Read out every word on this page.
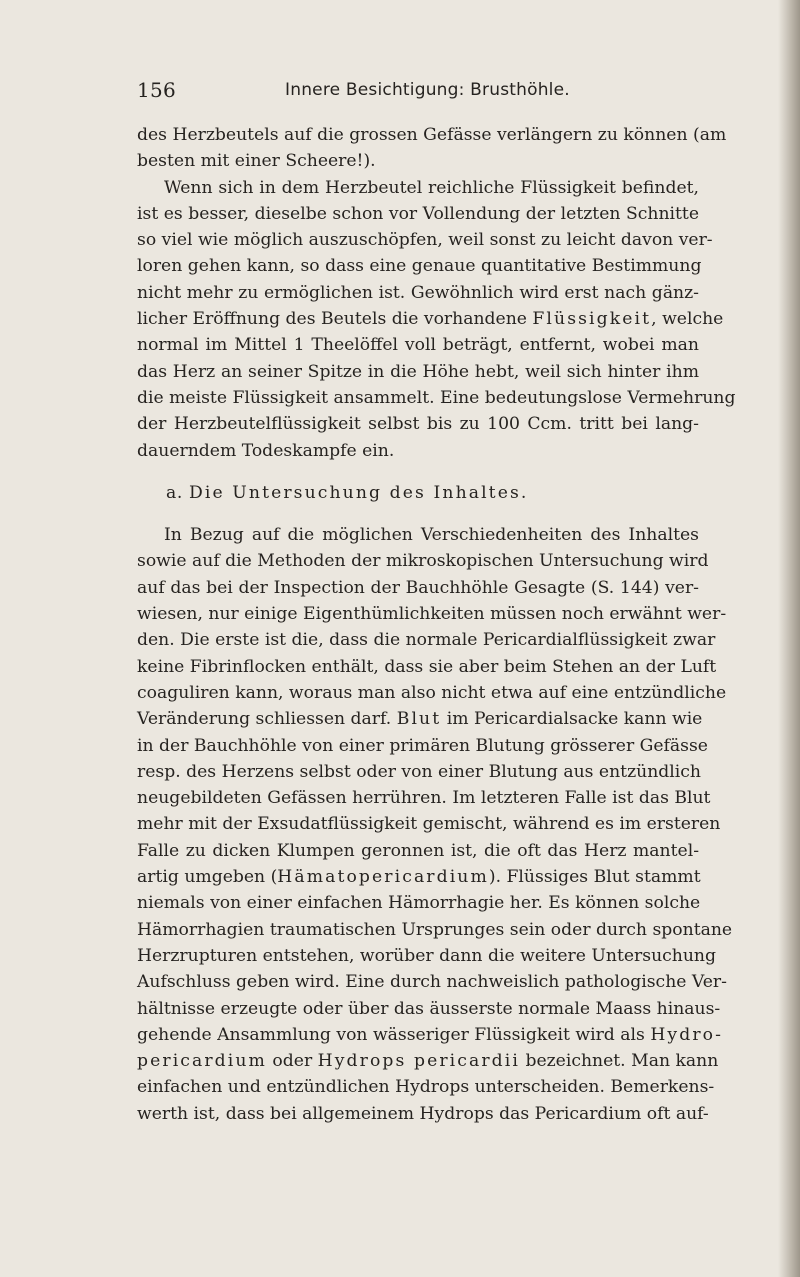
156	Innere Besichtigung: Brusthöhle.
des Herzbeutels auf die grossen Gefässe verlängern zu können (am
besten mit einer Scheere!).
Wenn sich in dem Herzbeutel reichliche Flüssigkeit befindet,
ist es besser, dieselbe schon vor Vollendung der letzten Schnitte
so viel wie möglich auszuschöpfen, weil sonst zu leicht davon ver-
loren gehen kann, so dass eine genaue quantitative Bestimmung
nicht mehr zu ermöglichen ist. Gewöhnlich wird erst nach gänz-
licher Eröffnung des Beutels die vorhandene Flüssigkeit, welche
normal im Mittel 1 Theelöffel voll beträgt, entfernt, wobei man
das Herz an seiner Spitze in die Höhe hebt, weil sich hinter ihm
die meiste Flüssigkeit ansammelt. Eine bedeutungslose Vermehrung
der Herzbeutelflüssigkeit selbst bis zu 100 Ccm. tritt bei lang-
dauerndem Todeskampfe ein.
a. Die Untersuchung des Inhaltes.
In Bezug auf die möglichen Verschiedenheiten des Inhaltes
sowie auf die Methoden der mikroskopischen Untersuchung wird
auf das bei der Inspection der Bauchhöhle Gesagte (S. 144) ver-
wiesen, nur einige Eigenthümlichkeiten müssen noch erwähnt wer-
den. Die erste ist die, dass die normale Pericardialflüssigkeit zwar
keine Fibrinflocken enthält, dass sie aber beim Stehen an der Luft
coaguliren kann, woraus man also nicht etwa auf eine entzündliche
Veränderung schliessen darf. Blut im Pericardialsacke kann wie
in der Bauchhöhle von einer primären Blutung grösserer Gefässe
resp. des Herzens selbst oder von einer Blutung aus entzündlich
neugebildeten Gefässen herrühren. Im letzteren Falle ist das Blut
mehr mit der Exsudatflüssigkeit gemischt, während es im ersteren
Falle zu dicken Klumpen geronnen ist, die oft das Herz mantel-
artig umgeben (Hämatopericardium). Flüssiges Blut stammt
niemals von einer einfachen Hämorrhagie her. Es können solche
Hämorrhagien traumatischen Ursprunges sein oder durch spontane
Herzrupturen entstehen, worüber dann die weitere Untersuchung
Aufschluss geben wird. Eine durch nachweislich pathologische Ver-
hältnisse erzeugte oder über das äusserste normale Maass hinaus-
gehende Ansammlung von wässeriger Flüssigkeit wird als Hydro-
pericardium oder Hydrops pericardii bezeichnet. Man kann
einfachen und entzündlichen Hydrops unterscheiden. Bemerkens-
werth ist, dass bei allgemeinem Hydrops das Pericardium oft auf-
